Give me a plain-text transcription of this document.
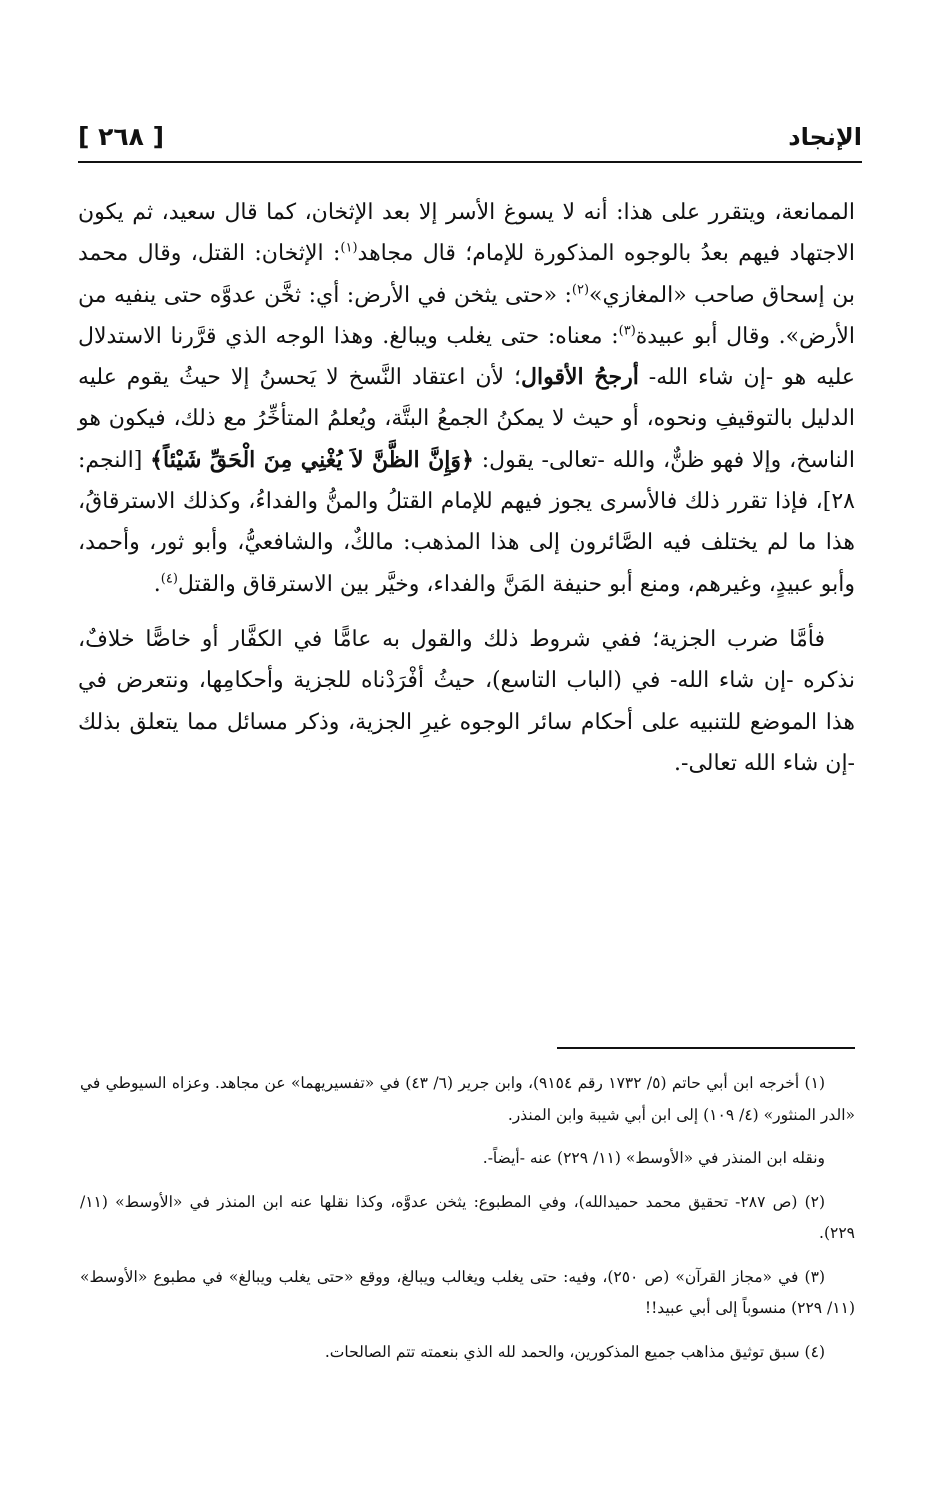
[ ٢٦٨ ]	الإنجاد

الممانعة، ويتقرر على هذا: أنه لا يسوغ الأسر إلا بعد الإثخان، كما قال سعيد، ثم يكون الاجتهاد فيهم بعدُ بالوجوه المذكورة للإمام؛ قال مجاهد$^{(١)}$: الإثخان: القتل، وقال محمد بن إسحاق صاحب «المغازي»$^{(٢)}$: «حتى يثخن في الأرض: أي: ثخَّن عدوَّه حتى ينفيه من الأرض». وقال أبو عبيدة$^{(٣)}$: معناه: حتى يغلب ويبالغ. وهذا الوجه الذي قرَّرنا الاستدلال عليه هو -إن شاء الله- أرجحُ الأقوال؛ لأن اعتقاد النَّسخ لا يَحسنُ إلا حيثُ يقوم عليه الدليل بالتوقيفِ ونحوه، أو حيث لا يمكنُ الجمعُ البتَّة، ويُعلمُ المتأخِّرُ مع ذلك، فيكون هو الناسخ، وإلا فهو ظنٌّ، والله -تعالى- يقول: ﴿وَإِنَّ الظَّنَّ لاَ يُغْنِي مِنَ الْحَقِّ شَيْئاً﴾ [النجم: ٢٨]، فإذا تقرر ذلك فالأسرى يجوز فيهم للإمام القتلُ والمنُّ والفداءُ، وكذلك الاسترقاقُ، هذا ما لم يختلف فيه الصَّائرون إلى هذا المذهب: مالكٌ، والشافعيُّ، وأبو ثور، وأحمد، وأبو عبيدٍ، وغيرهم، ومنع أبو حنيفة المَنَّ والفداء، وخيَّر بين الاسترقاق والقتل$^{(٤)}$.

فأمَّا ضرب الجزية؛ ففي شروط ذلك والقول به عامًّا في الكفَّار أو خاصًّا خلافٌ، نذكره -إن شاء الله- في (الباب التاسع)، حيثُ أفْرَدْناه للجزية وأحكامِها، ونتعرض في هذا الموضع للتنبيه على أحكام سائر الوجوه غيرِ الجزية، وذكر مسائل مما يتعلق بذلك -إن شاء الله تعالى-.

(١) أخرجه ابن أبي حاتم (٥/ ١٧٣٢ رقم ٩١٥٤)، وابن جرير (٦/ ٤٣) في «تفسيريهما» عن مجاهد. وعزاه السيوطي في «الدر المنثور» (٤/ ١٠٩) إلى ابن أبي شيبة وابن المنذر.

ونقله ابن المنذر في «الأوسط» (١١/ ٢٢٩) عنه -أيضاً-.

(٢) (ص ٢٨٧- تحقيق محمد حميدالله)، وفي المطبوع: يثخن عدوَّه، وكذا نقلها عنه ابن المنذر في «الأوسط» (١١/ ٢٢٩).

(٣) في «مجاز القرآن» (ص ٢٥٠)، وفيه: حتى يغلب ويغالب ويبالغ، ووقع «حتى يغلب ويبالغ» في مطبوع «الأوسط» (١١/ ٢٢٩) منسوباً إلى أبي عبيد!!

(٤) سبق توثيق مذاهب جميع المذكورين، والحمد لله الذي بنعمته تتم الصالحات.
